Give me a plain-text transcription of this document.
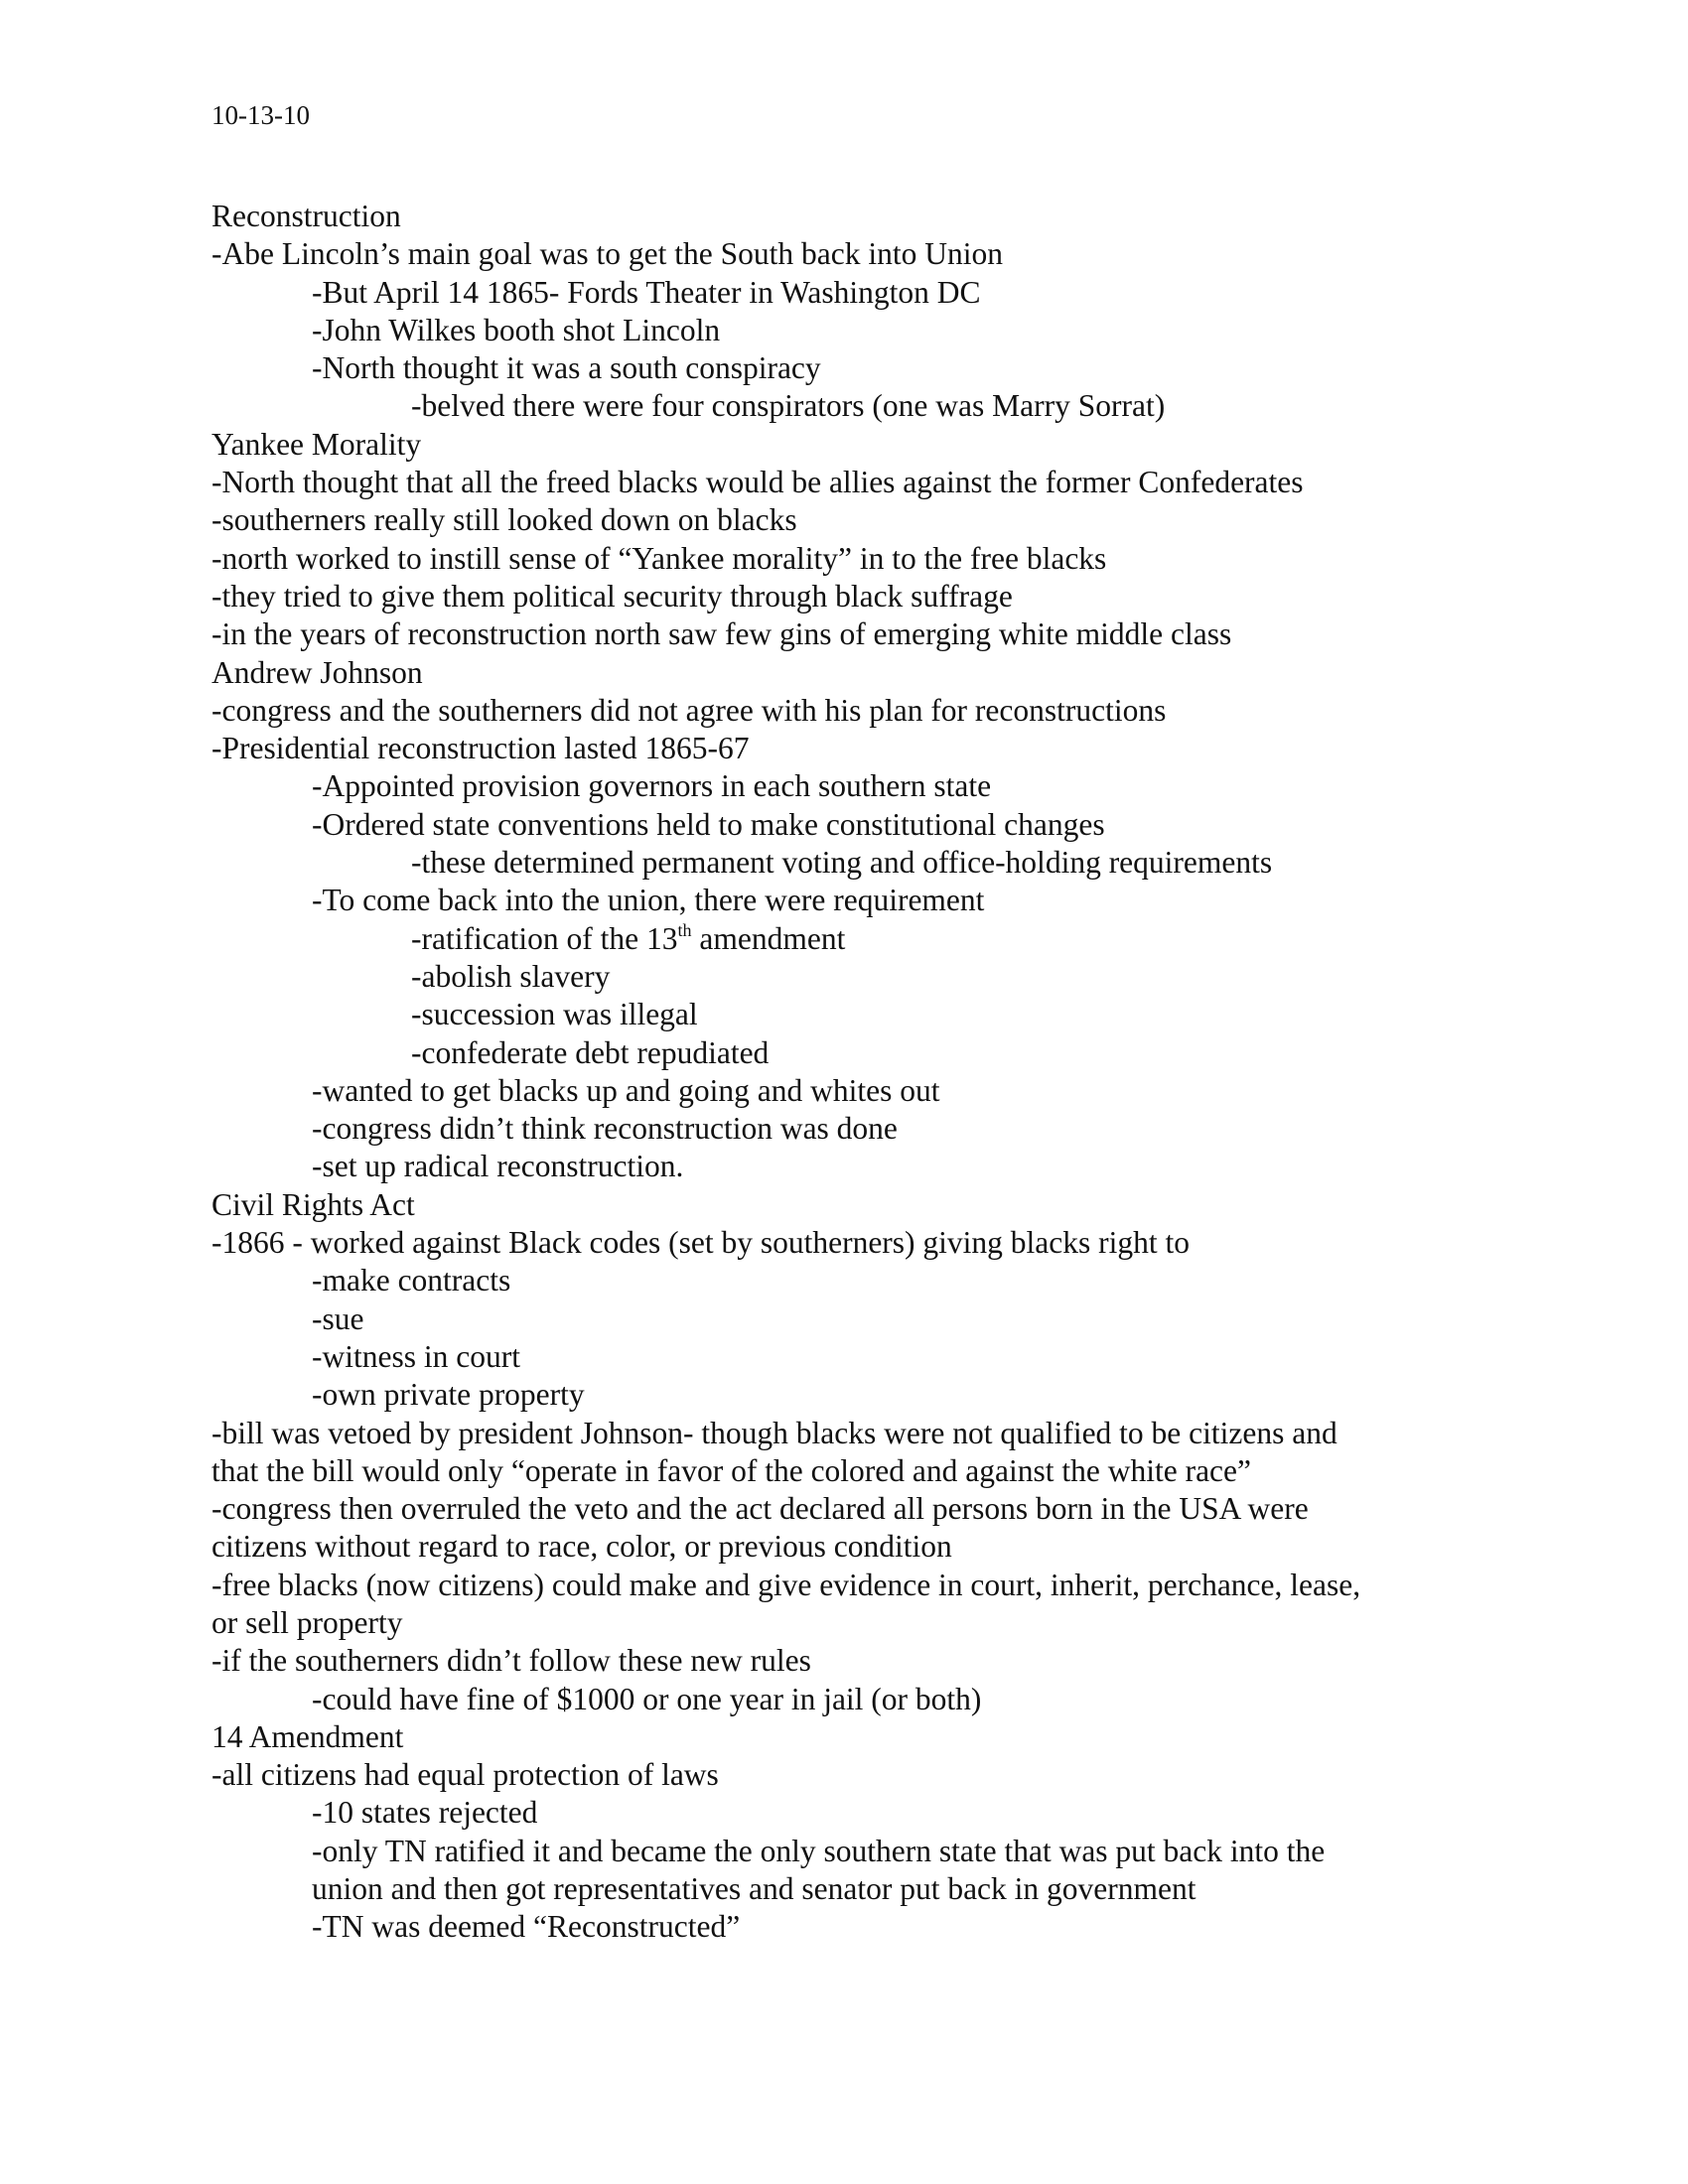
10-13-10
Reconstruction
-Abe Lincoln’s main goal was to get the South back into Union
-But April 14 1865- Fords Theater in Washington DC
-John Wilkes booth shot Lincoln
-North thought it was a south conspiracy
-belved there were four conspirators (one was Marry Sorrat)
Yankee Morality
-North thought that all the freed blacks would be allies against the former Confederates
-southerners really still looked down on blacks
-north worked to instill sense of “Yankee morality” in to the free blacks
-they tried to give them political security through black suffrage
-in the years of reconstruction north saw few gins of emerging white middle class
Andrew Johnson
-congress and the southerners did not agree with his plan for reconstructions
-Presidential reconstruction lasted 1865-67
-Appointed provision governors in each southern state
-Ordered state conventions held to make constitutional changes
-these determined permanent voting and office-holding requirements
-To come back into the union, there were requirement
-ratification of the 13th amendment
-abolish slavery
-succession was illegal
-confederate debt repudiated
-wanted to get blacks up and going and whites out
-congress didn’t think reconstruction was done
-set up radical reconstruction.
Civil Rights Act
-1866 - worked against Black codes (set by southerners) giving blacks right to
-make contracts
-sue
-witness in court
-own private property
-bill was vetoed by president Johnson- though blacks were not qualified to be citizens and
that the bill would only “operate in favor of the colored and against the white race”
-congress then overruled the veto and the act declared all persons born in the USA were
citizens without regard to race, color, or previous condition
-free blacks (now citizens) could make and give evidence in court, inherit, perchance, lease,
or sell property
-if the southerners didn’t follow these new rules
-could have fine of $1000 or one year in jail (or both)
14 Amendment
-all citizens had equal protection of laws
-10 states rejected
-only TN ratified it and became the only southern state that was put back into the
union and then got representatives and senator put back in government
-TN was deemed “Reconstructed”
